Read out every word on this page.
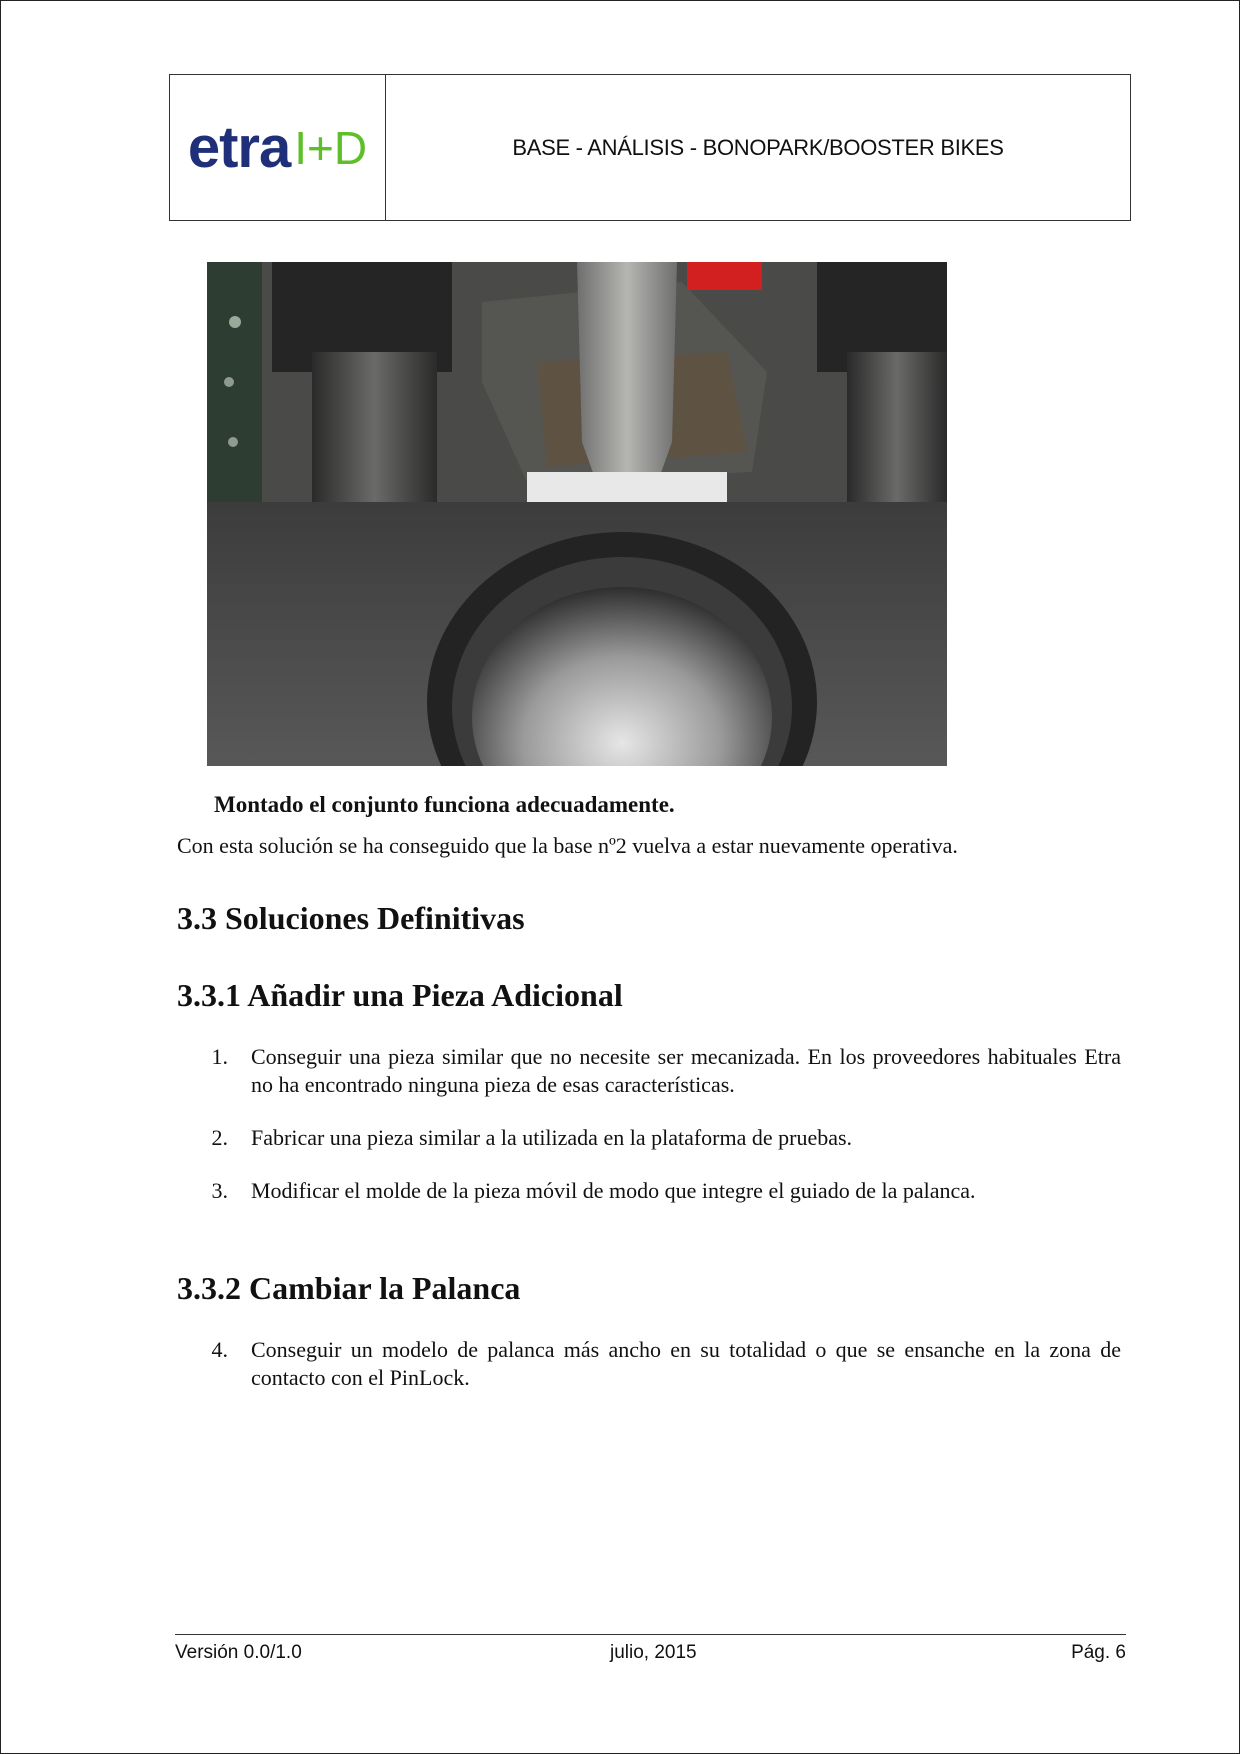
etra I+D	BASE - ANÁLISIS - BONOPARK/BOOSTER BIKES

Montado el conjunto funciona adecuadamente.

Con esta solución se ha conseguido que la base nº2 vuelva a estar nuevamente operativa.

3.3 Soluciones Definitivas
3.3.1 Añadir una Pieza Adicional
1.	Conseguir una pieza similar que no necesite ser mecanizada. En los proveedores habituales Etra no ha encontrado ninguna pieza de esas características.
2.	Fabricar una pieza similar a la utilizada en la plataforma de pruebas.
3.	Modificar el molde de la pieza móvil de modo que integre el guiado de la palanca.
3.3.2 Cambiar la Palanca
4.	Conseguir un modelo de palanca más ancho en su totalidad o que se ensanche en la zona de contacto con el PinLock.
Versión 0.0/1.0	julio, 2015	Pág. 6
